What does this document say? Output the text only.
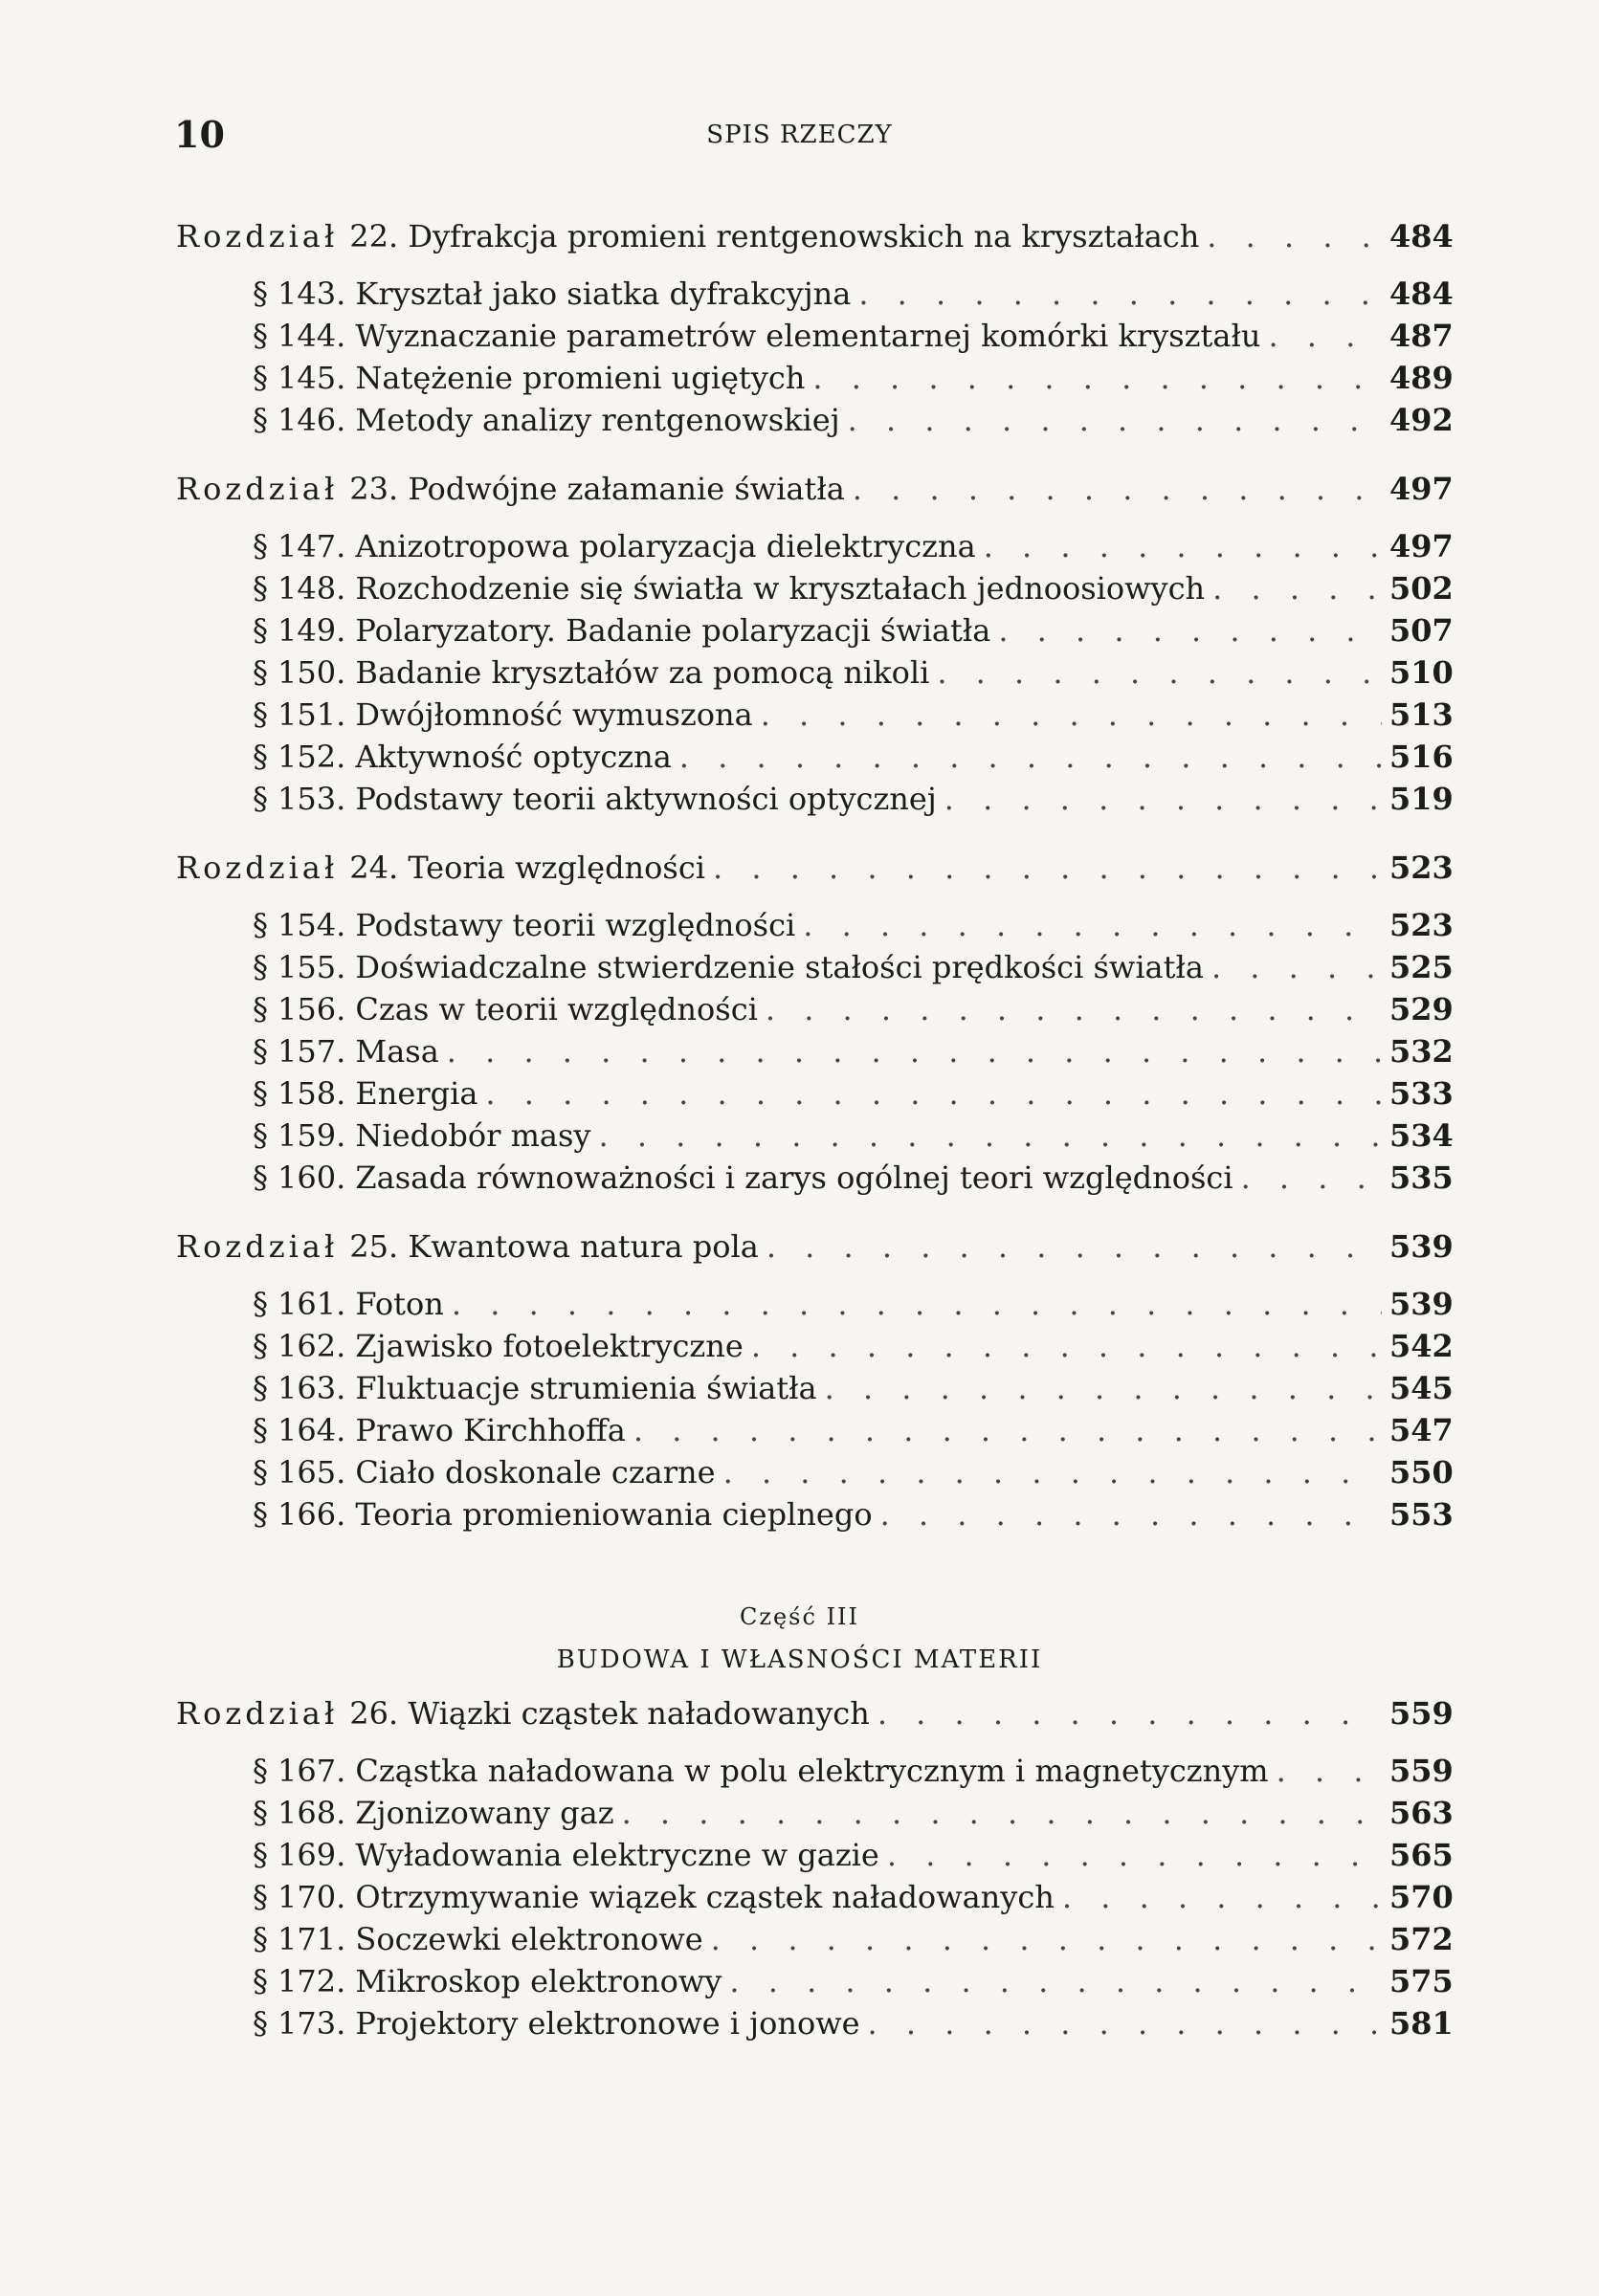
10	SPIS RZECZY
Rozdział 22. Dyfrakcja promieni rentgenowskich na kryształach . . .	484
§ 143. Kryształ jako siatka dyfrakcyjna . . .	484
§ 144. Wyznaczanie parametrów elementarnej komórki kryształu . . .	487
§ 145. Natężenie promieni ugiętych . . .	489
§ 146. Metody analizy rentgenowskiej . . .	492
Rozdział 23. Podwójne załamanie światła . . .	497
§ 147. Anizotropowa polaryzacja dielektryczna . . .	497
§ 148. Rozchodzenie się światła w kryształach jednoosiowych . . .	502
§ 149. Polaryzatory. Badanie polaryzacji światła . . .	507
§ 150. Badanie kryształów za pomocą nikoli . . .	510
§ 151. Dwójłomność wymuszona . . .	513
§ 152. Aktywność optyczna . . .	516
§ 153. Podstawy teorii aktywności optycznej . . .	519
Rozdział 24. Teoria względności . . .	523
§ 154. Podstawy teorii względności . . .	523
§ 155. Doświadczalne stwierdzenie stałości prędkości światła . . .	525
§ 156. Czas w teorii względności . . .	529
§ 157. Masa . . .	532
§ 158. Energia . . .	533
§ 159. Niedobór masy . . .	534
§ 160. Zasada równoważności i zarys ogólnej teori względności . . .	535
Rozdział 25. Kwantowa natura pola . . .	539
§ 161. Foton . . .	539
§ 162. Zjawisko fotoelektryczne . . .	542
§ 163. Fluktuacje strumienia światła . . .	545
§ 164. Prawo Kirchhoffa . . .	547
§ 165. Ciało doskonale czarne . . .	550
§ 166. Teoria promieniowania cieplnego . . .	553
Rozdział 26. Wiązki cząstek naładowanych . . .	559
§ 167. Cząstka naładowana w polu elektrycznym i magnetycznym . . .	559
§ 168. Zjonizowany gaz . . .	563
§ 169. Wyładowania elektryczne w gazie . . .	565
§ 170. Otrzymywanie wiązek cząstek naładowanych . . .	570
§ 171. Soczewki elektronowe . . .	572
§ 172. Mikroskop elektronowy . . .	575
§ 173. Projektory elektronowe i jonowe . . .	581
Część III
BUDOWA I WŁASNOŚCI MATERII
